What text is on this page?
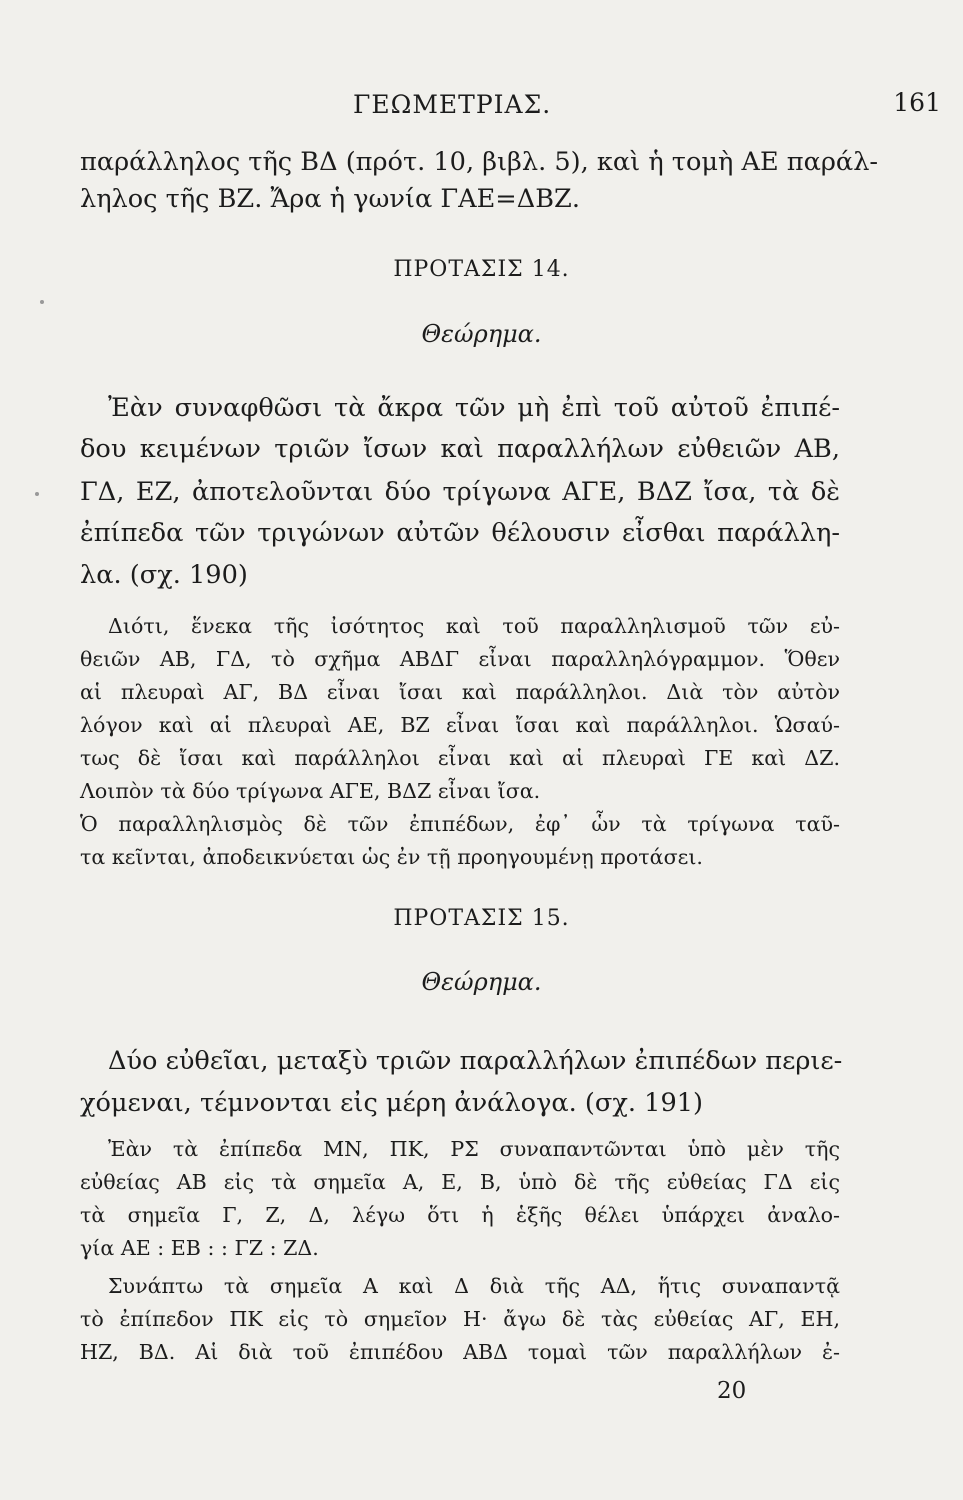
ΓΕΩΜΕΤΡΙΑΣ.	161
παράλληλος τῆς ΒΔ (πρότ. 10, βιβλ. 5), καὶ ἡ τομὴ ΑΕ παράλ-
ληλος τῆς ΒΖ. Ἄρα ἡ γωνία ΓΑΕ=ΔΒΖ.
ΠΡΟΤΑΣΙΣ 14.
Θεώρημα.
Ἐὰν συναφθῶσι τὰ ἄκρα τῶν μὴ ἐπὶ τοῦ αὐτοῦ ἐπιπέ-
δου κειμένων τριῶν ἴσων καὶ παραλλήλων εὐθειῶν ΑΒ,
ΓΔ, ΕΖ, ἀποτελοῦνται δύο τρίγωνα ΑΓΕ, ΒΔΖ ἴσα, τὰ δὲ
ἐπίπεδα τῶν τριγώνων αὐτῶν θέλουσιν εἶσθαι παράλλη-
λα. (σχ. 190)
Διότι, ἕνεκα τῆς ἰσότητος καὶ τοῦ παραλληλισμοῦ τῶν εὐ-
θειῶν ΑΒ, ΓΔ, τὸ σχῆμα ΑΒΔΓ εἶναι παραλληλόγραμμον. Ὅθεν
αἱ πλευραὶ ΑΓ, ΒΔ εἶναι ἴσαι καὶ παράλληλοι. Διὰ τὸν αὐτὸν
λόγον καὶ αἱ πλευραὶ ΑΕ, ΒΖ εἶναι ἴσαι καὶ παράλληλοι. Ὡσαύ-
τως δὲ ἴσαι καὶ παράλληλοι εἶναι καὶ αἱ πλευραὶ ΓΕ καὶ ΔΖ.
Λοιπὸν τὰ δύο τρίγωνα ΑΓΕ, ΒΔΖ εἶναι ἴσα.
Ὁ παραλληλισμὸς δὲ τῶν ἐπιπέδων, ἐφ᾽ ὧν τὰ τρίγωνα ταῦ-
τα κεῖνται, ἀποδεικνύεται ὡς ἐν τῇ προηγουμένῃ προτάσει.
ΠΡΟΤΑΣΙΣ 15.
Θεώρημα.
Δύο εὐθεῖαι, μεταξὺ τριῶν παραλλήλων ἐπιπέδων περιε-
χόμεναι, τέμνονται εἰς μέρη ἀνάλογα. (σχ. 191)
Ἐὰν τὰ ἐπίπεδα ΜΝ, ΠΚ, ΡΣ συναπαντῶνται ὑπὸ μὲν τῆς
εὐθείας ΑΒ εἰς τὰ σημεῖα Α, Ε, Β, ὑπὸ δὲ τῆς εὐθείας ΓΔ εἰς
τὰ σημεῖα Γ, Ζ, Δ, λέγω ὅτι ἡ ἑξῆς θέλει ὑπάρχει ἀναλο-
γία ΑΕ : ΕΒ : : ΓΖ : ΖΔ.
Συνάπτω τὰ σημεῖα Α καὶ Δ διὰ τῆς ΑΔ, ἥτις συναπαντᾷ
τὸ ἐπίπεδον ΠΚ εἰς τὸ σημεῖον Η· ἄγω δὲ τὰς εὐθείας ΑΓ, ΕΗ,
ΗΖ, ΒΔ. Αἱ διὰ τοῦ ἐπιπέδου ΑΒΔ τομαὶ τῶν παραλλήλων ἐ-
20
